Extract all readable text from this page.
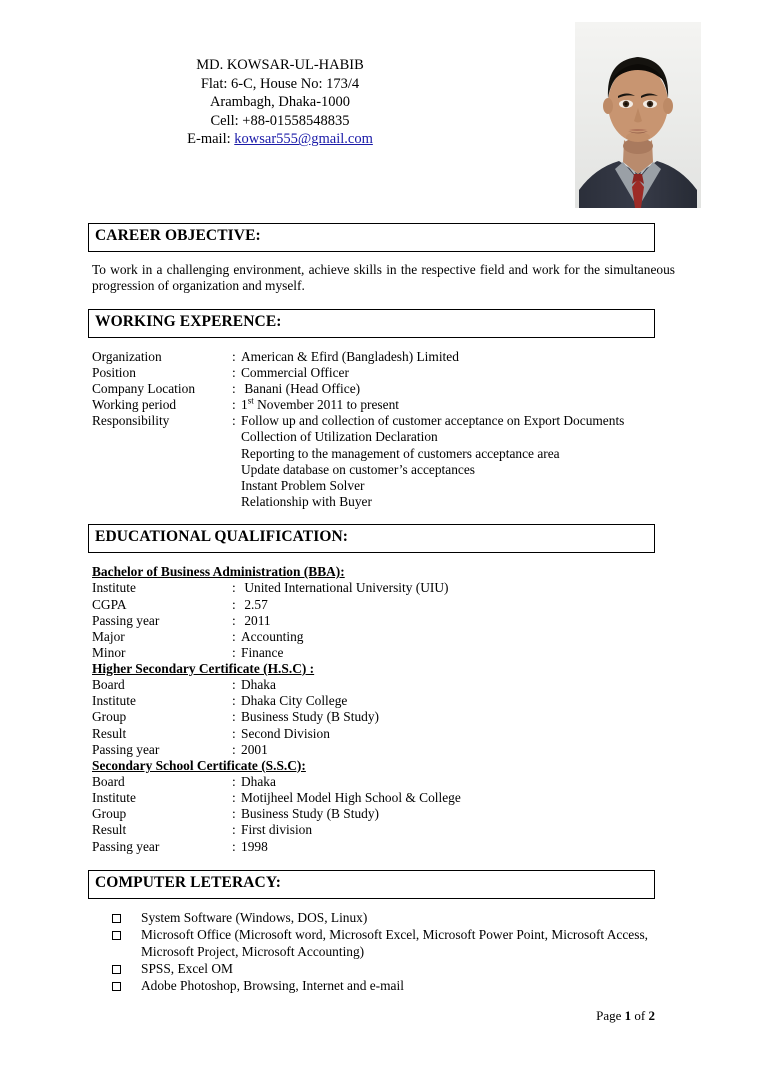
MD. KOWSAR-UL-HABIB
Flat: 6-C, House No: 173/4
Arambagh, Dhaka-1000
Cell: +88-01558548835
E-mail: kowsar555@gmail.com
CAREER OBJECTIVE:
To work in a challenging environment, achieve skills in the respective field and work for the simultaneous progression of organization and myself.
WORKING EXPERENCE:
Organization	: American & Efird (Bangladesh) Limited
Position	: Commercial Officer
Company Location	: Banani (Head Office)
Working period	: 1st November 2011 to present
Responsibility	: Follow up and collection of customer acceptance on Export Documents
Collection of Utilization Declaration
Reporting to the management of customers acceptance area
Update database on customer’s acceptances
Instant Problem Solver
Relationship with Buyer
EDUCATIONAL QUALIFICATION:
Bachelor of Business Administration (BBA):
Institute	: United International University (UIU)
CGPA	: 2.57
Passing year	: 2011
Major	: Accounting
Minor	: Finance
Higher Secondary Certificate (H.S.C) :
Board	: Dhaka
Institute	: Dhaka City College
Group	: Business Study (B Study)
Result	: Second Division
Passing year	: 2001
Secondary School Certificate (S.S.C):
Board	: Dhaka
Institute	: Motijheel Model High School & College
Group	: Business Study (B Study)
Result	: First division
Passing year	: 1998
COMPUTER LETERACY:
System Software (Windows, DOS, Linux)
Microsoft Office (Microsoft word, Microsoft Excel, Microsoft Power Point, Microsoft Access, Microsoft Project, Microsoft Accounting)
SPSS, Excel OM
Adobe Photoshop, Browsing, Internet and e-mail
Page 1 of 2
